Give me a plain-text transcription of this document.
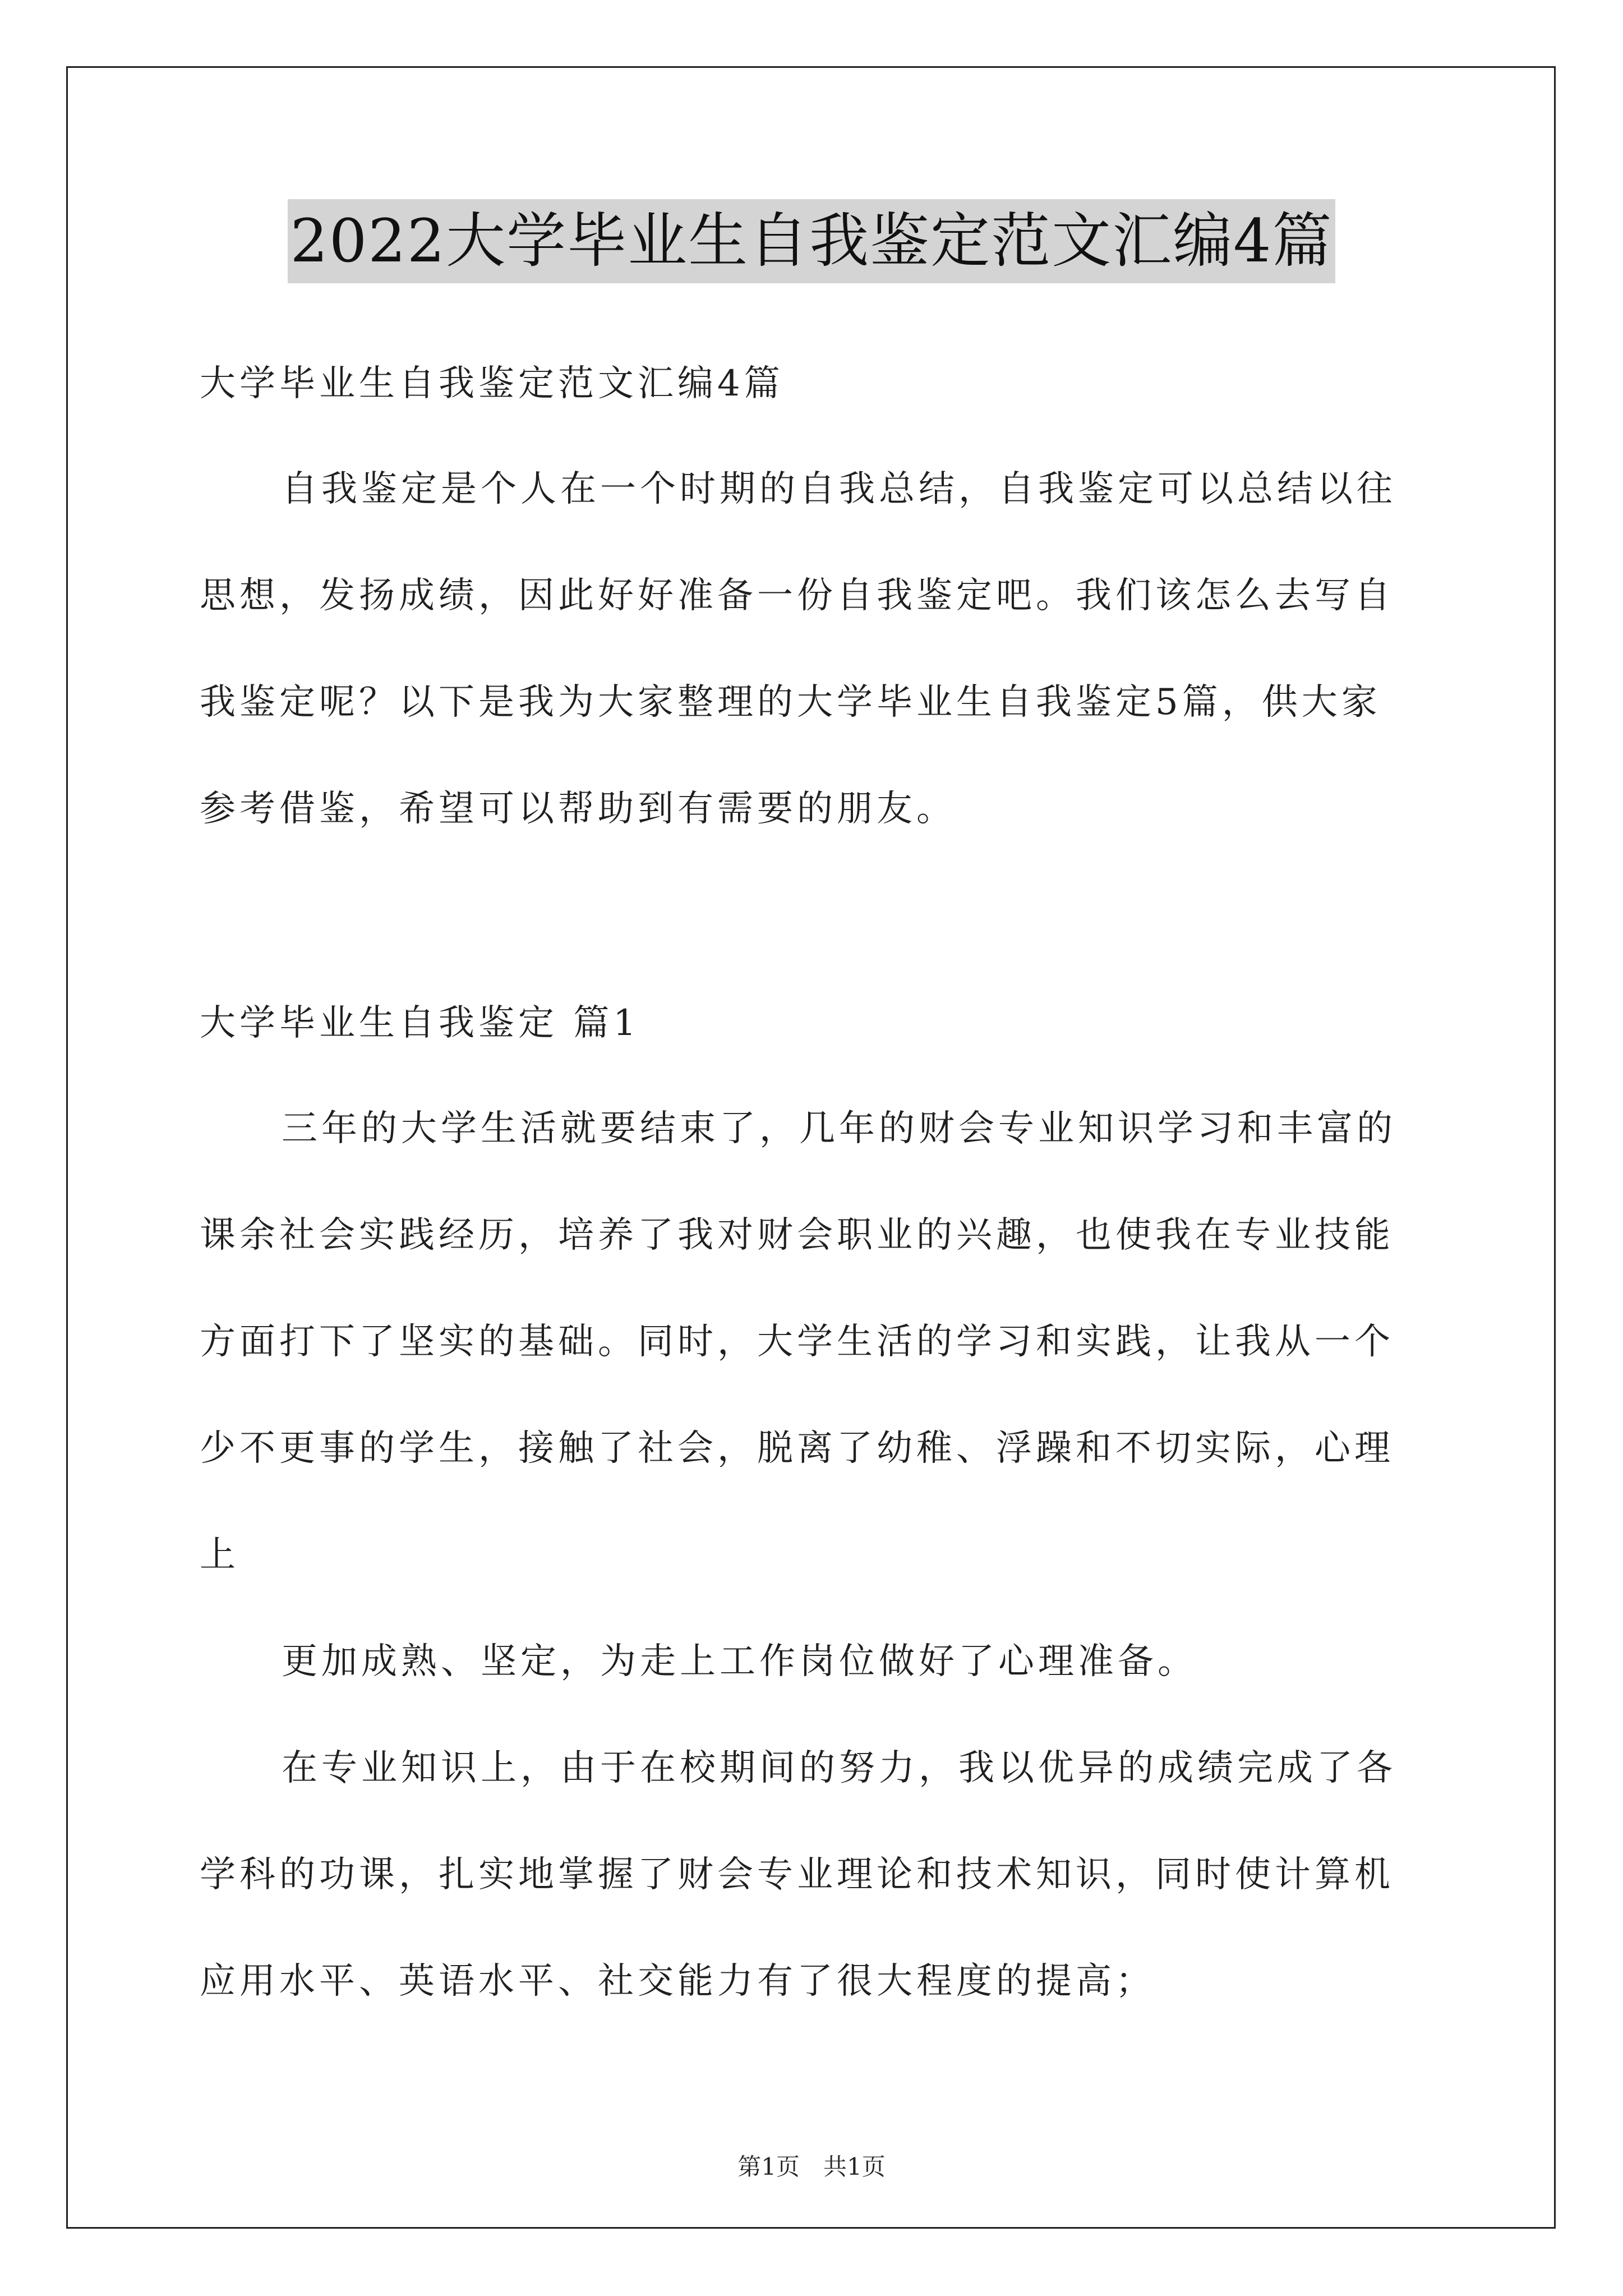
2022大学毕业生自我鉴定范文汇编4篇
大学毕业生自我鉴定范文汇编4篇
自我鉴定是个人在一个时期的自我总结，自我鉴定可以总结以往
思想，发扬成绩，因此好好准备一份自我鉴定吧。我们该怎么去写自
我鉴定呢？以下是我为大家整理的大学毕业生自我鉴定5篇，供大家
参考借鉴，希望可以帮助到有需要的朋友。
大学毕业生自我鉴定 篇1
三年的大学生活就要结束了，几年的财会专业知识学习和丰富的
课余社会实践经历，培养了我对财会职业的兴趣，也使我在专业技能
方面打下了坚实的基础。同时，大学生活的学习和实践，让我从一个
少不更事的学生，接触了社会，脱离了幼稚、浮躁和不切实际，心理
上
更加成熟、坚定，为走上工作岗位做好了心理准备。
在专业知识上，由于在校期间的努力，我以优异的成绩完成了各
学科的功课，扎实地掌握了财会专业理论和技术知识，同时使计算机
应用水平、英语水平、社交能力有了很大程度的提高；
第1页　共1页
